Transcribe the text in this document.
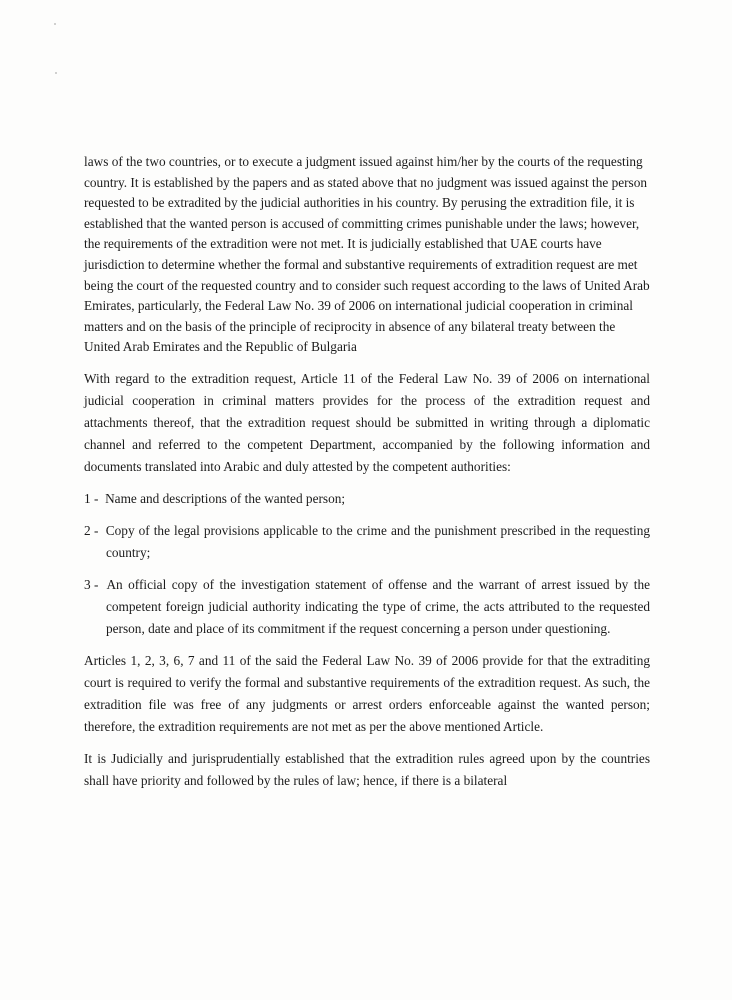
laws of the two countries, or to execute a judgment issued against him/her by the courts of the requesting country. It is established by the papers and as stated above that no judgment was issued against the person requested to be extradited by the judicial authorities in his country. By perusing the extradition file, it is established that the wanted person is accused of committing crimes punishable under the laws; however, the requirements of the extradition were not met. It is judicially established that UAE courts have jurisdiction to determine whether the formal and substantive requirements of extradition request are met being the court of the requested country and to consider such request according to the laws of United Arab Emirates, particularly, the Federal Law No. 39 of 2006 on international judicial cooperation in criminal matters and on the basis of the principle of reciprocity in absence of any bilateral treaty between the United Arab Emirates and the Republic of Bulgaria

With regard to the extradition request, Article 11 of the Federal Law No. 39 of 2006 on international judicial cooperation in criminal matters provides for the process of the extradition request and attachments thereof, that the extradition request should be submitted in writing through a diplomatic channel and referred to the competent Department, accompanied by the following information and documents translated into Arabic and duly attested by the competent authorities:

1 -  Name and descriptions of the wanted person;
2 -  Copy of the legal provisions applicable to the crime and the punishment prescribed in the requesting country;
3 -  An official copy of the investigation statement of offense and the warrant of arrest issued by the competent foreign judicial authority indicating the type of crime, the acts attributed to the requested person, date and place of its commitment if the request concerning a person under questioning.

Articles 1, 2, 3, 6, 7 and 11 of the said the Federal Law No. 39 of 2006 provide for that the extraditing court is required to verify the formal and substantive requirements of the extradition request. As such, the extradition file was free of any judgments or arrest orders enforceable against the wanted person; therefore, the extradition requirements are not met as per the above mentioned Article.

It is Judicially and jurisprudentially established that the extradition rules agreed upon by the countries shall have priority and followed by the rules of law; hence, if there is a bilateral
